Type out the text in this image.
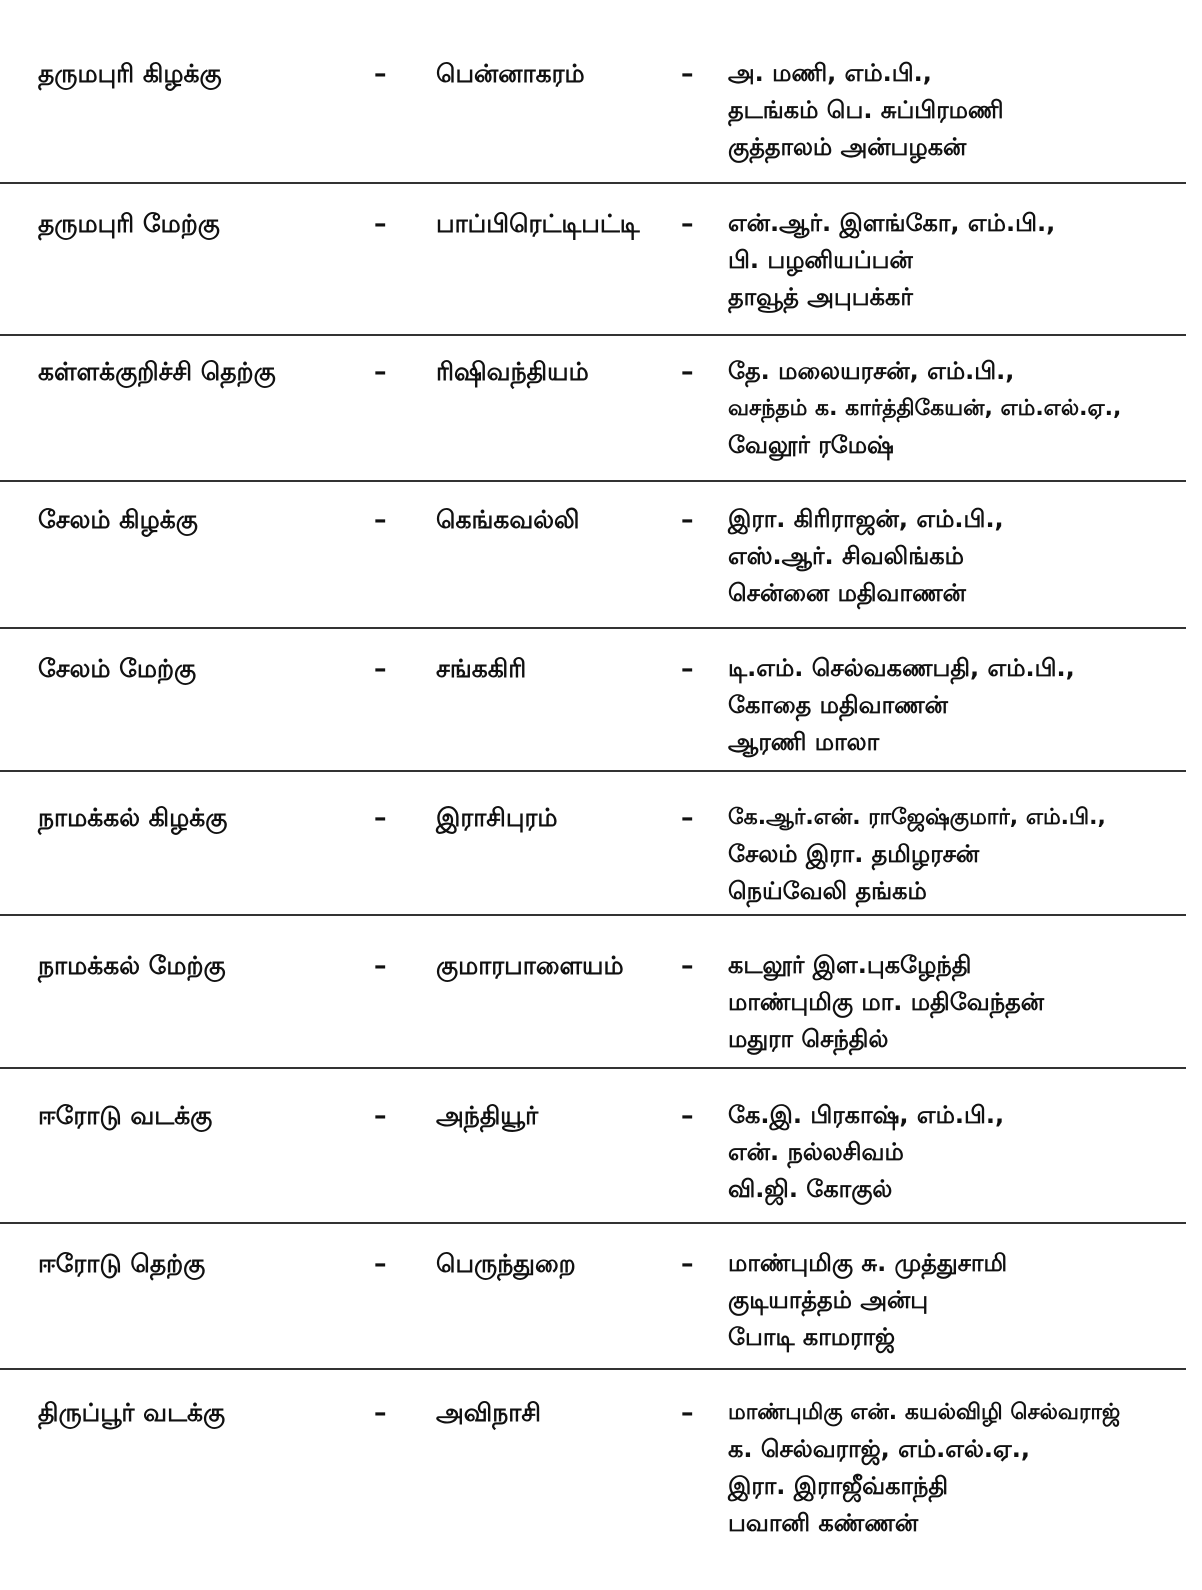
தருமபுரி கிழக்கு	– பென்னாகரம்	– அ. மணி, எம்.பி.,
தடங்கம் பெ. சுப்பிரமணி
குத்தாலம் அன்பழகன்
தருமபுரி மேற்கு	– பாப்பிரெட்டிபட்டி – என்.ஆர். இளங்கோ, எம்.பி.,
பி. பழனியப்பன்
தாவூத் அபுபக்கர்
கள்ளக்குறிச்சி தெற்கு	– ரிஷிவந்தியம்	– தே. மலையரசன், எம்.பி.,
வசந்தம் க. கார்த்திகேயன், எம்.எல்.ஏ.,
வேலூர் ரமேஷ்
சேலம் கிழக்கு	– கெங்கவல்லி	– இரா. கிரிராஜன், எம்.பி.,
எஸ்.ஆர். சிவலிங்கம்
சென்னை மதிவாணன்
சேலம் மேற்கு	– சங்ககிரி	– டி.எம். செல்வகணபதி, எம்.பி.,
கோதை மதிவாணன்
ஆரணி மாலா
நாமக்கல் கிழக்கு	– இராசிபுரம்	– கே.ஆர்.என். ராஜேஷ்குமார், எம்.பி.,
சேலம் இரா. தமிழரசன்
நெய்வேலி தங்கம்
நாமக்கல் மேற்கு	– குமாரபாளையம் – கடலூர் இள.புகழேந்தி
மாண்புமிகு மா. மதிவேந்தன்
மதுரா செந்தில்
ஈரோடு வடக்கு	– அந்தியூர்	– கே.இ. பிரகாஷ், எம்.பி.,
என். நல்லசிவம்
வி.ஜி. கோகுல்
ஈரோடு தெற்கு	– பெருந்துறை	– மாண்புமிகு சு. முத்துசாமி
குடியாத்தம் அன்பு
போடி காமராஜ்
திருப்பூர் வடக்கு	– அவிநாசி	– மாண்புமிகு என். கயல்விழி செல்வராஜ்
க. செல்வராஜ், எம்.எல்.ஏ.,
இரா. இராஜீவ்காந்தி
பவானி கண்ணன்
